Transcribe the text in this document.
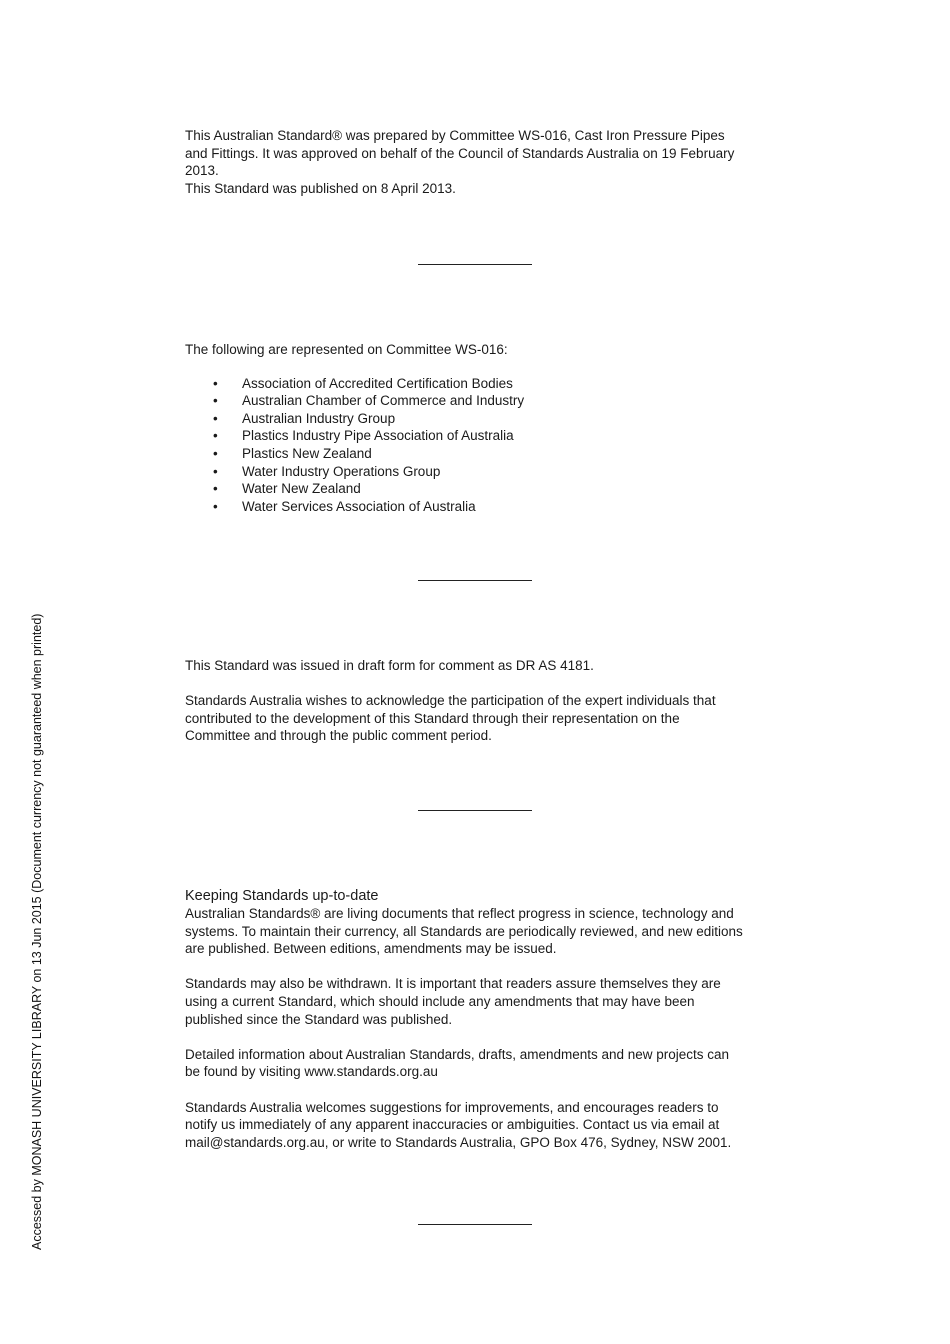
Accessed by MONASH UNIVERSITY LIBRARY on 13 Jun 2015 (Document currency not guaranteed when printed)

This Australian Standard® was prepared by Committee WS-016, Cast Iron Pressure Pipes

and Fittings. It was approved on behalf of the Council of Standards Australia on 19 February

2013.

This Standard was published on 8 April 2013.

The following are represented on Committee WS-016:

• Association of Accredited Certification Bodies
• Australian Chamber of Commerce and Industry
• Australian Industry Group
• Plastics Industry Pipe Association of Australia
• Plastics New Zealand
• Water Industry Operations Group
• Water New Zealand
• Water Services Association of Australia

This Standard was issued in draft form for comment as DR AS 4181.

Standards Australia wishes to acknowledge the participation of the expert individuals that

contributed to the development of this Standard through their representation on the

Committee and through the public comment period.

Keeping Standards up-to-date

Australian Standards® are living documents that reflect progress in science, technology and

systems. To maintain their currency, all Standards are periodically reviewed, and new editions

are published. Between editions, amendments may be issued.

Standards may also be withdrawn. It is important that readers assure themselves they are

using a current Standard, which should include any amendments that may have been

published since the Standard was published.

Detailed information about Australian Standards, drafts, amendments and new projects can

be found by visiting www.standards.org.au

Standards Australia welcomes suggestions for improvements, and encourages readers to

notify us immediately of any apparent inaccuracies or ambiguities. Contact us via email at

mail@standards.org.au, or write to Standards Australia, GPO Box 476, Sydney, NSW 2001.
